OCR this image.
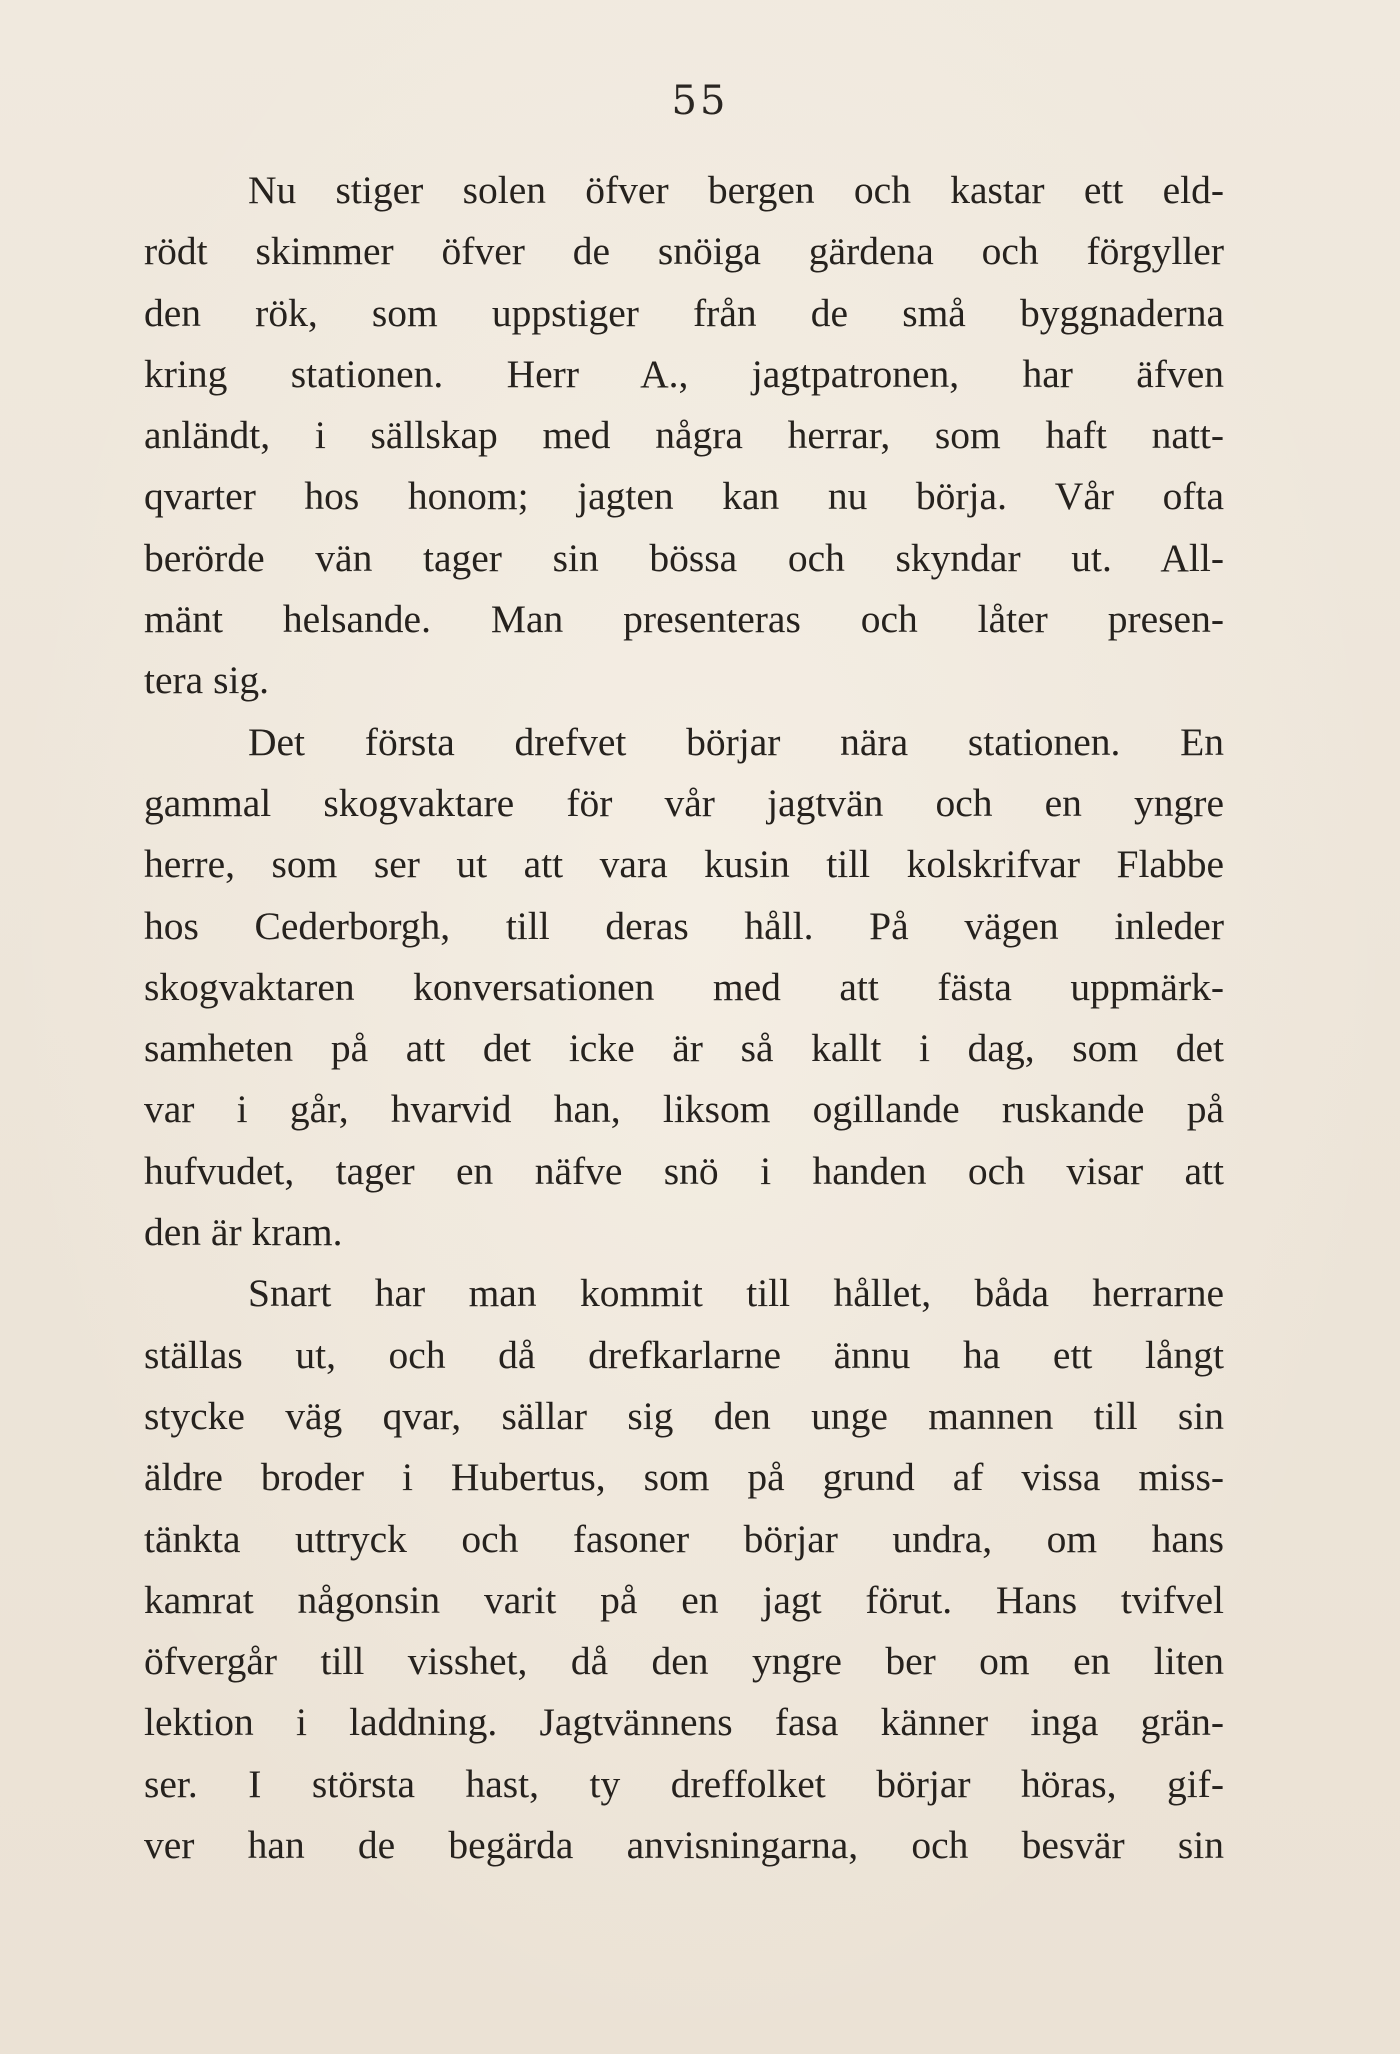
55
Nu stiger solen öfver bergen och kastar ett eld-
rödt skimmer öfver de snöiga gärdena och förgyller
den rök, som uppstiger från de små byggnaderna
kring stationen. Herr A., jagtpatronen, har äfven
anländt, i sällskap med några herrar, som haft natt-
qvarter hos honom; jagten kan nu börja. Vår ofta
berörde vän tager sin bössa och skyndar ut. All-
mänt helsande. Man presenteras och låter presen-
tera sig.
Det första drefvet börjar nära stationen. En
gammal skogvaktare för vår jagtvän och en yngre
herre, som ser ut att vara kusin till kolskrifvar Flabbe
hos Cederborgh, till deras håll. På vägen inleder
skogvaktaren konversationen med att fästa uppmärk-
samheten på att det icke är så kallt i dag, som det
var i går, hvarvid han, liksom ogillande ruskande på
hufvudet, tager en näfve snö i handen och visar att
den är kram.
Snart har man kommit till hållet, båda herrarne
ställas ut, och då drefkarlarne ännu ha ett långt
stycke väg qvar, sällar sig den unge mannen till sin
äldre broder i Hubertus, som på grund af vissa miss-
tänkta uttryck och fasoner börjar undra, om hans
kamrat någonsin varit på en jagt förut. Hans tvifvel
öfvergår till visshet, då den yngre ber om en liten
lektion i laddning. Jagtvännens fasa känner inga grän-
ser. I största hast, ty dreffolket börjar höras, gif-
ver han de begärda anvisningarna, och besvär sin
